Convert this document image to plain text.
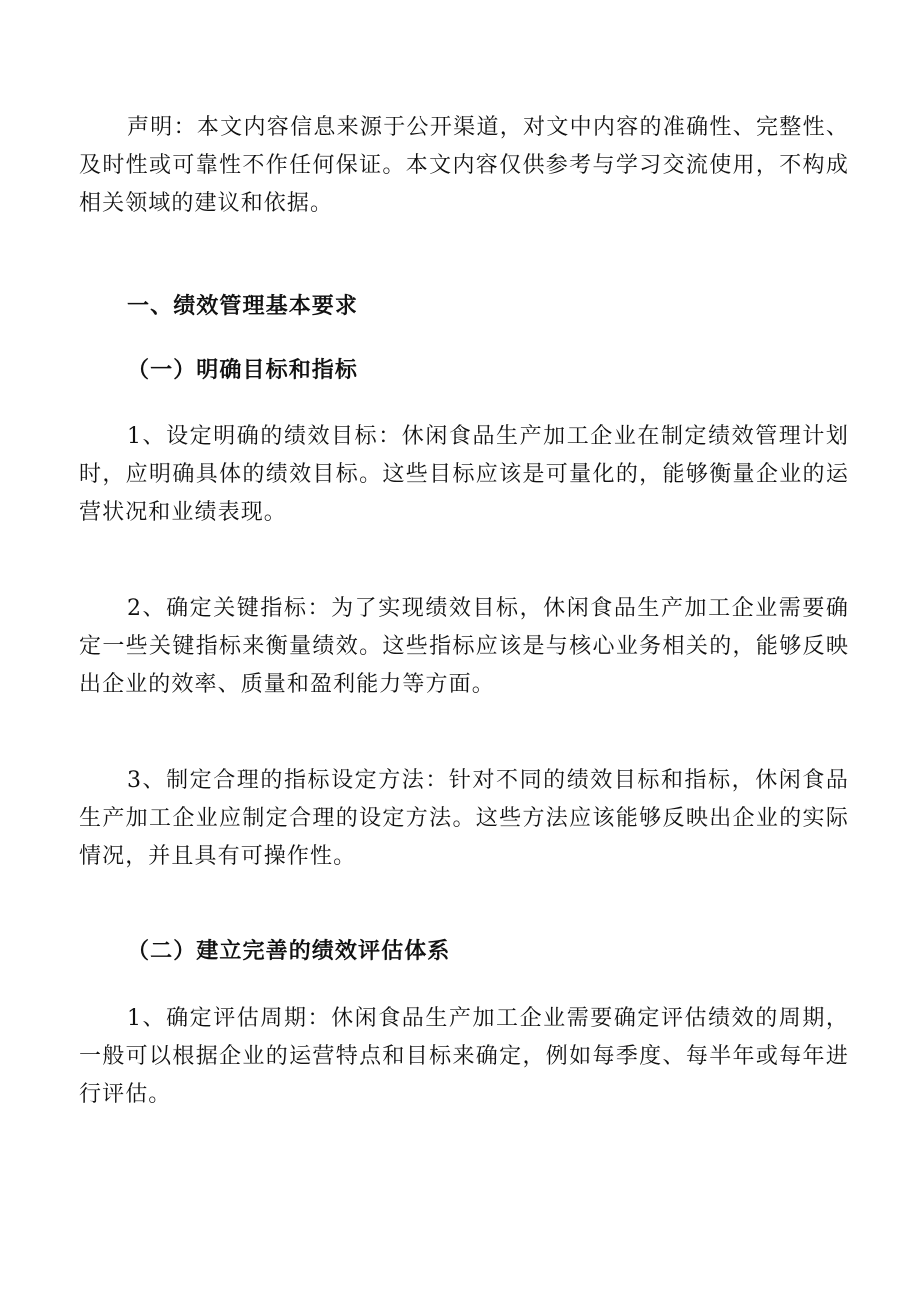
声明：本文内容信息来源于公开渠道，对文中内容的准确性、完整性、及时性或可靠性不作任何保证。本文内容仅供参考与学习交流使用，不构成相关领域的建议和依据。

一、绩效管理基本要求
（一）明确目标和指标

1、设定明确的绩效目标：休闲食品生产加工企业在制定绩效管理计划时，应明确具体的绩效目标。这些目标应该是可量化的，能够衡量企业的运营状况和业绩表现。

2、确定关键指标：为了实现绩效目标，休闲食品生产加工企业需要确定一些关键指标来衡量绩效。这些指标应该是与核心业务相关的，能够反映出企业的效率、质量和盈利能力等方面。

3、制定合理的指标设定方法：针对不同的绩效目标和指标，休闲食品生产加工企业应制定合理的设定方法。这些方法应该能够反映出企业的实际情况，并且具有可操作性。

（二）建立完善的绩效评估体系

1、确定评估周期：休闲食品生产加工企业需要确定评估绩效的周期，一般可以根据企业的运营特点和目标来确定，例如每季度、每半年或每年进行评估。
